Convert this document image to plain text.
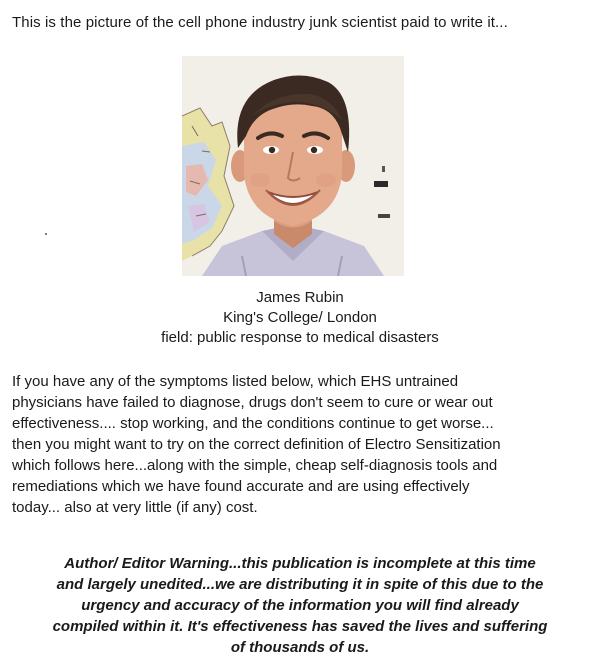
This is the picture of the cell phone industry junk scientist paid to write it...
James Rubin
King's College/ London
field: public response to medical disasters
If you have any of the symptoms listed below, which EHS untrained
physicians have failed to diagnose, drugs don't seem to cure or wear out
effectiveness.... stop working, and the conditions continue to get worse...
then you might want to try on the correct definition of Electro Sensitization
which follows here...along with the simple, cheap self-diagnosis tools and
remediations which we have found accurate and are using effectively
today... also at very little (if any) cost.
Author/ Editor Warning...this publication is incomplete at this time
and largely unedited...we are distributing it in spite of this due to the
urgency and accuracy of the information you will find already
compiled within it. It's effectiveness has saved the lives and suffering
of thousands of us.
